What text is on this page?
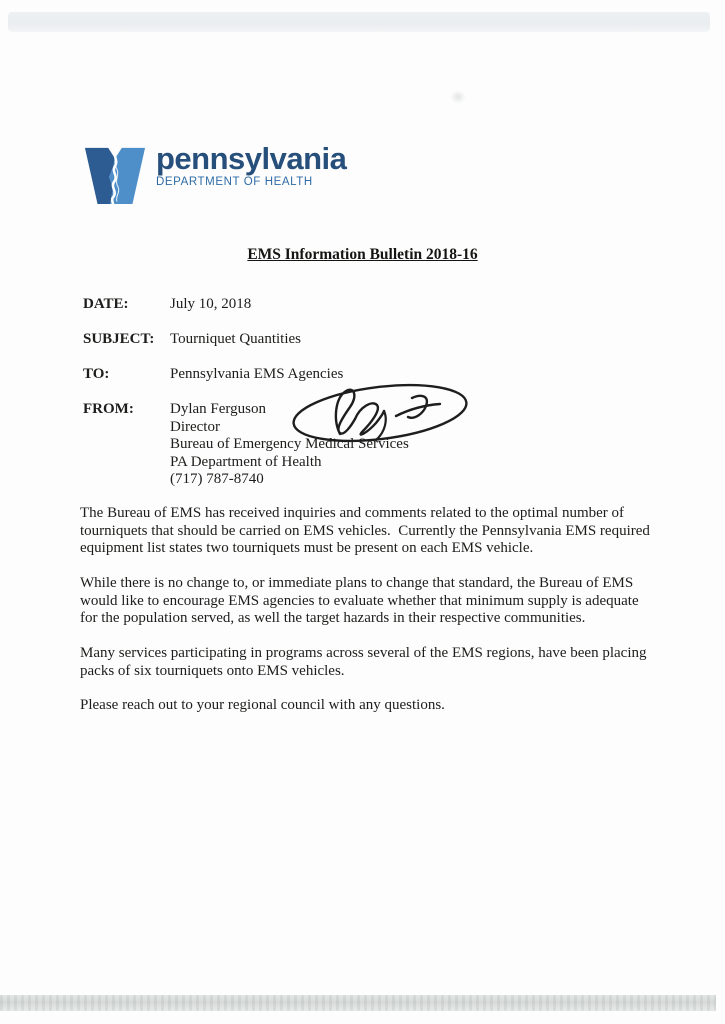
pennsylvania
DEPARTMENT OF HEALTH
EMS Information Bulletin 2018-16
DATE:	July 10, 2018
SUBJECT:	Tourniquet Quantities
TO:	Pennsylvania EMS Agencies
FROM:	Dylan Ferguson
Director
Bureau of Emergency Medical Services
PA Department of Health
(717) 787-8740

The Bureau of EMS has received inquiries and comments related to the optimal number of tourniquets that should be carried on EMS vehicles.  Currently the Pennsylvania EMS required equipment list states two tourniquets must be present on each EMS vehicle.

While there is no change to, or immediate plans to change that standard, the Bureau of EMS would like to encourage EMS agencies to evaluate whether that minimum supply is adequate for the population served, as well the target hazards in their respective communities.

Many services participating in programs across several of the EMS regions, have been placing packs of six tourniquets onto EMS vehicles.

Please reach out to your regional council with any questions.
